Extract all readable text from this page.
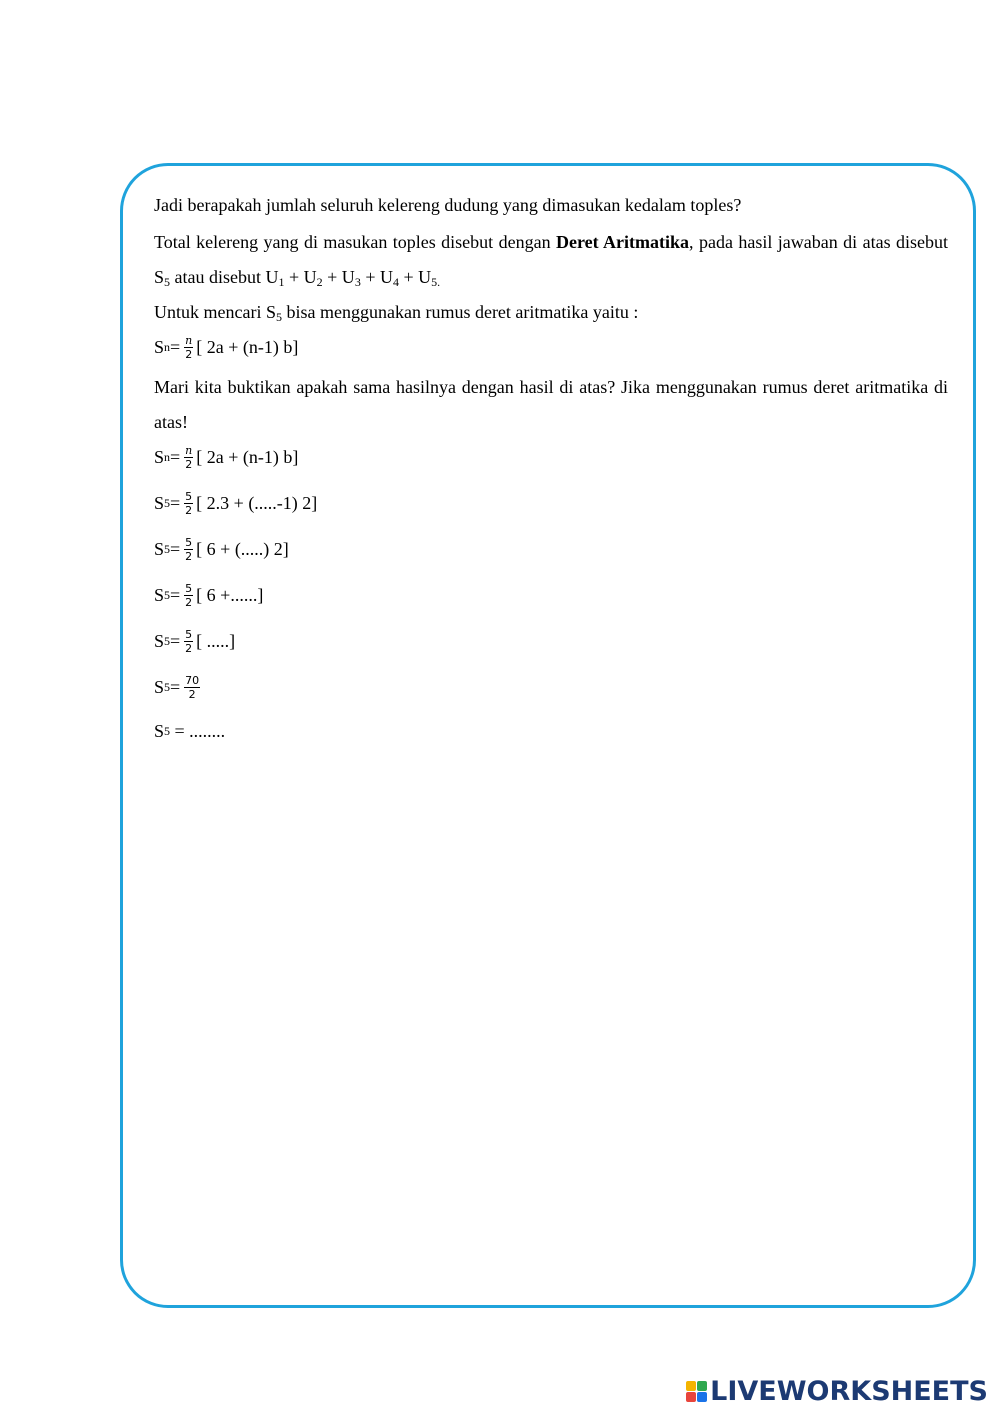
Jadi berapakah jumlah seluruh kelereng dudung yang dimasukan kedalam toples?

Total kelereng yang di masukan toples disebut dengan Deret Aritmatika, pada hasil jawaban di atas disebut $S_5$ atau disebut $U_1 + U_2 + U_3 + U_4 + U_{5.}$

Untuk mencari $S_5$ bisa menggunakan rumus deret aritmatika yaitu :

S $n = \frac{n}{2}$ [ 2a + (n-1) b]

Mari kita buktikan apakah sama hasilnya dengan hasil di atas? Jika menggunakan rumus deret aritmatika di atas!

S $n = \frac{n}{2}$ [ 2a + (n-1) b]
S $5 = \frac{5}{2}$ [ 2.3 + (.....-1) 2]
S $5 = \frac{5}{2}$ [ 6 + (.....) 2]
S $5 = \frac{5}{2}$ [ 6 +......]
S $5 = \frac{5}{2}$ [ .....]
S $5 = \frac{70}{2}$
S 5 = ........
LIVEWORKSHEETS
